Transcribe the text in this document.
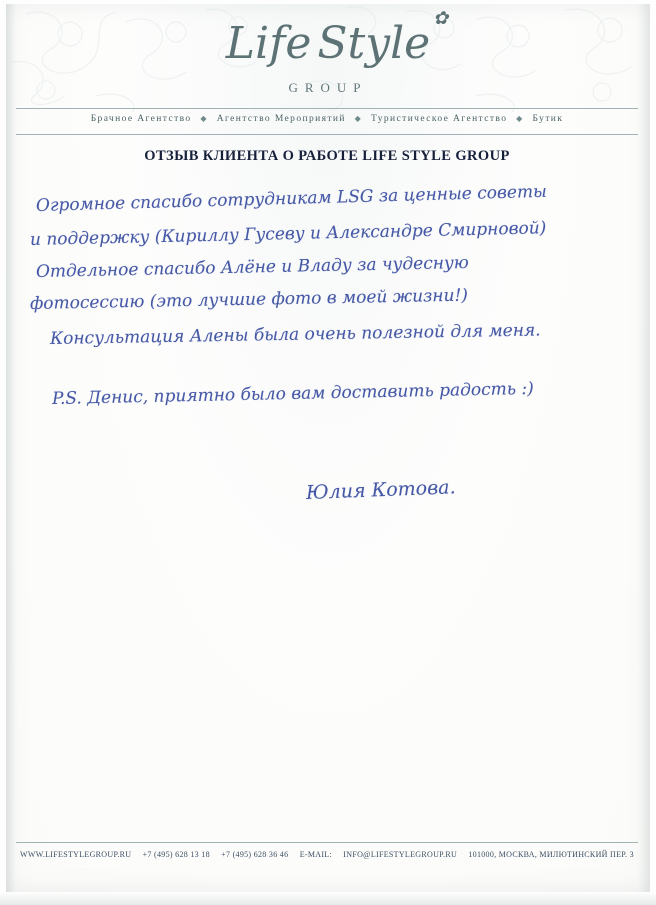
Life Style ✿
GROUP
Брачное Агентство ◆ Агентство Мероприятий ◆ Туристическое Агентство ◆ Бутик
ОТЗЫВ КЛИЕНТА О РАБОТЕ LIFE STYLE GROUP
Огромное спасибо сотрудникам LSG за ценные советы
и поддержку (Кириллу Гусеву и Александре Смирновой)
Отдельное спасибо Алёне и Владу за чудесную
фотосессию (это лучшие фото в моей жизни!)
Консультация Алены была очень полезной для меня.
P.S. Денис, приятно было вам доставить радость :)
Юлия Котова.
WWW.LIFESTYLEGROUP.RU +7 (495) 628 13 18 +7 (495) 628 36 46 E-MAIL: INFO@LIFESTYLEGROUP.RU 101000, МОСКВА, МИЛЮТИНСКИЙ ПЕР. 3
